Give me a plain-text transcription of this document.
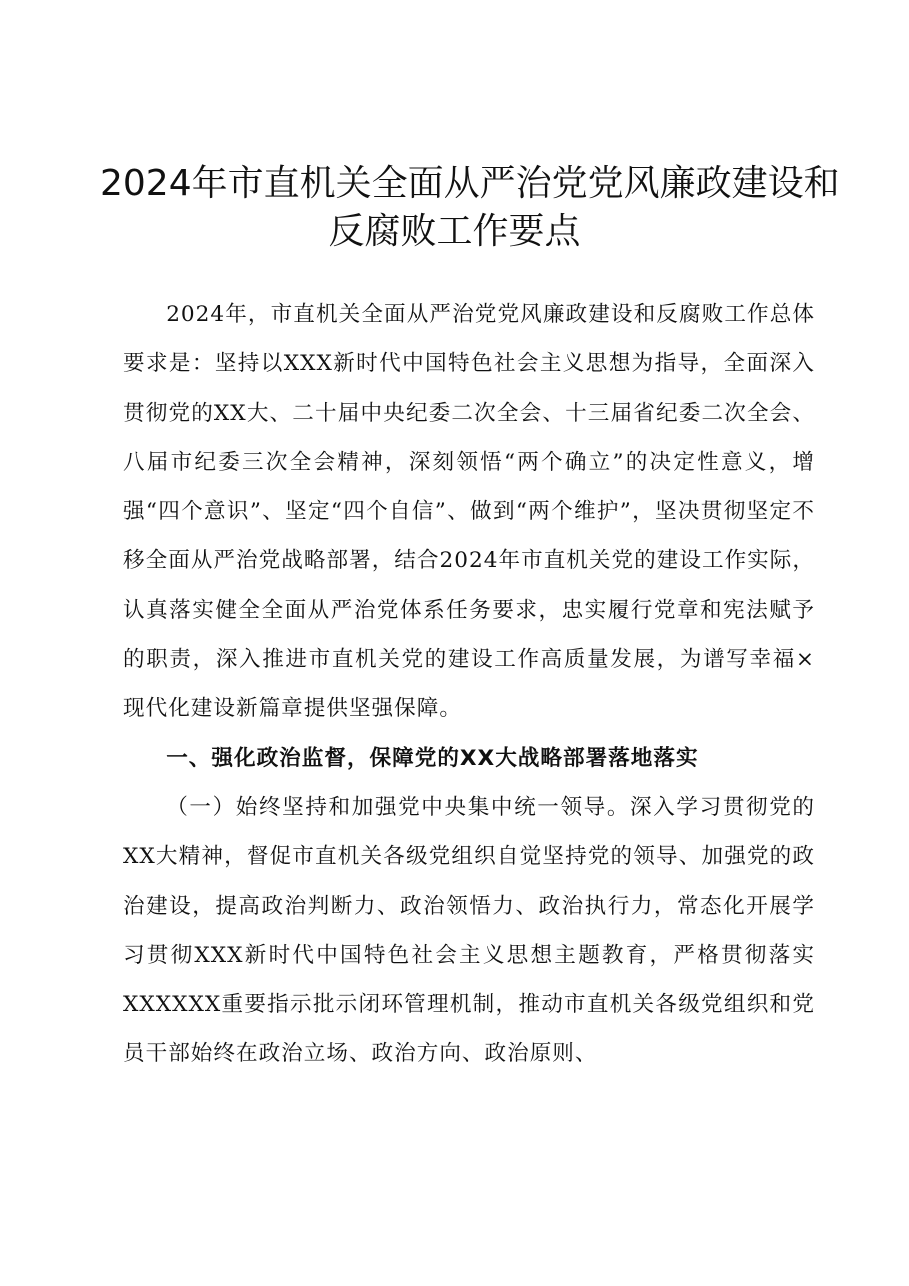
2024年市直机关全面从严治党党风廉政建设和
反腐败工作要点

2024年，市直机关全面从严治党党风廉政建设和反腐败工作总体要求是：坚持以XXX新时代中国特色社会主义思想为指导，全面深入贯彻党的XX大、二十届中央纪委二次全会、十三届省纪委二次全会、八届市纪委三次全会精神，深刻领悟“两个确立”的决定性意义，增强“四个意识”、坚定“四个自信”、做到“两个维护”，坚决贯彻坚定不移全面从严治党战略部署，结合2024年市直机关党的建设工作实际，认真落实健全全面从严治党体系任务要求，忠实履行党章和宪法赋予的职责，深入推进市直机关党的建设工作高质量发展，为谱写幸福×现代化建设新篇章提供坚强保障。

一、强化政治监督，保障党的XX大战略部署落地落实

（一）始终坚持和加强党中央集中统一领导。深入学习贯彻党的XX大精神，督促市直机关各级党组织自觉坚持党的领导、加强党的政治建设，提高政治判断力、政治领悟力、政治执行力，常态化开展学习贯彻XXX新时代中国特色社会主义思想主题教育，严格贯彻落实XXXXXX重要指示批示闭环管理机制，推动市直机关各级党组织和党员干部始终在政治立场、政治方向、政治原则、
